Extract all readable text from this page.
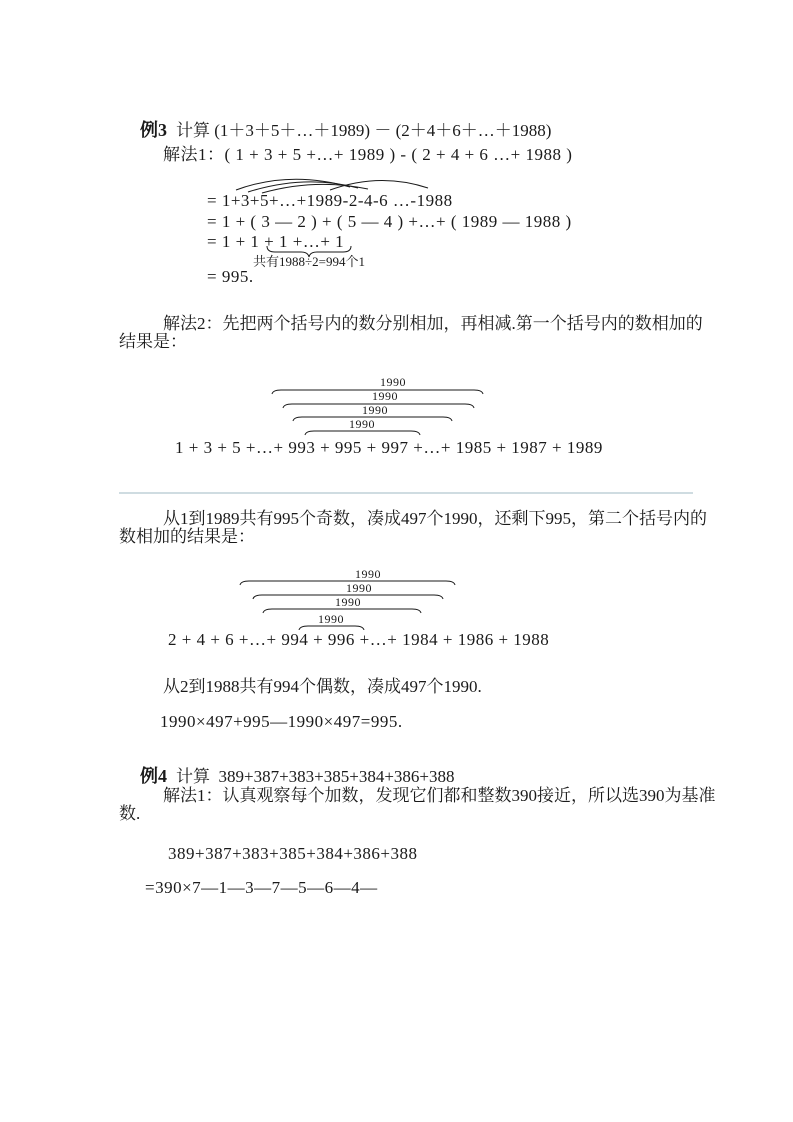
例3 计算 (1＋3＋5＋…＋1989) － (2＋4＋6＋…＋1988)

解法1：( 1 + 3 + 5 +…+ 1989 ) - ( 2 + 4 + 6 …+ 1988 )
= 1+3+5+…+1989-2-4-6 …-1988
= 1 + ( 3 — 2 ) + ( 5 — 4 ) +…+ ( 1989 — 1988 )
= 1 + 1 + 1 +…+ 1
共有1988÷2=994个1
= 995.
解法2：先把两个括号内的数分别相加，再相减.第一个括号内的数相加的
结果是：
1990
1990
1990
1990
1 + 3 + 5 +…+ 993 + 995 + 997 +…+ 1985 + 1987 + 1989
从1到1989共有995个奇数，凑成497个1990，还剩下995，第二个括号内的
数相加的结果是：
1990
1990
1990
1990
2 + 4 + 6 +…+ 994 + 996 +…+ 1984 + 1986 + 1988
从2到1988共有994个偶数，凑成497个1990.
1990×497+995—1990×497=995.

例4 计算  389+387+383+385+384+386+388

解法1：认真观察每个加数，发现它们都和整数390接近，所以选390为基准
数.
389+387+383+385+384+386+388
=390×7—1—3—7—5—6—4—
